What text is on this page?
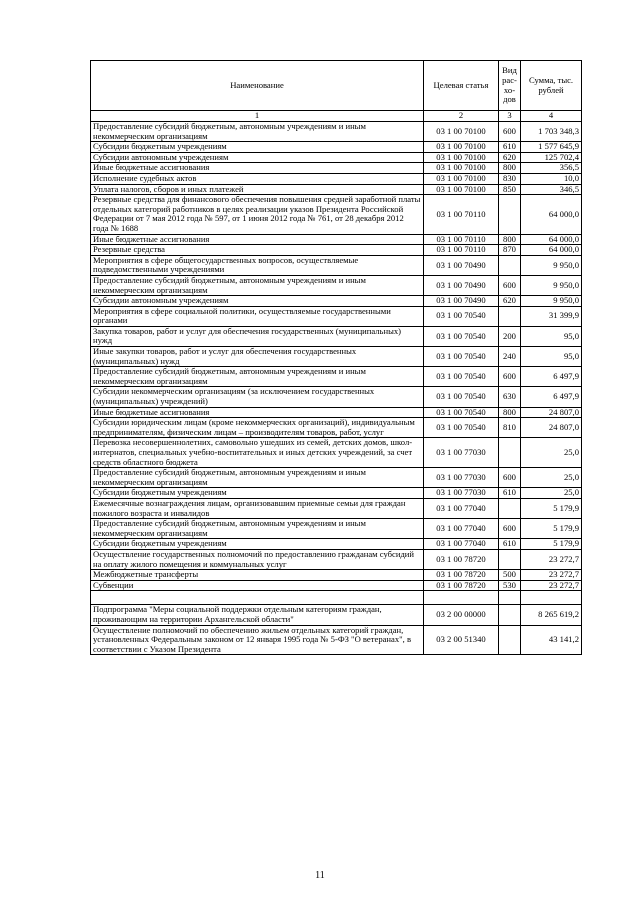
Наименование	Целевая статья	Вид рас-хо-дов	Сумма, тыс. рублей
1	2	3	4
Предоставление субсидий бюджетным, автономным учреждениям и иным некоммерческим организациям	03 1 00 70100	600	1 703 348,3
Субсидии бюджетным учреждениям	03 1 00 70100	610	1 577 645,9
Субсидии автономным учреждениям	03 1 00 70100	620	125 702,4
Иные бюджетные ассигнования	03 1 00 70100	800	356,5
Исполнение судебных актов	03 1 00 70100	830	10,0
Уплата налогов, сборов и иных платежей	03 1 00 70100	850	346,5
Резервные средства для финансового обеспечения повышения средней заработной платы отдельных категорий работников в целях реализации указов Президента Российской Федерации от 7 мая 2012 года № 597, от 1 июня 2012 года № 761, от 28 декабря 2012 года № 1688	03 1 00 70110		64 000,0
Иные бюджетные ассигнования	03 1 00 70110	800	64 000,0
Резервные средства	03 1 00 70110	870	64 000,0
Мероприятия в сфере общегосударственных вопросов, осуществляемые подведомственными учреждениями	03 1 00 70490		9 950,0
Предоставление субсидий бюджетным, автономным учреждениям и иным некоммерческим организациям	03 1 00 70490	600	9 950,0
Субсидии автономным учреждениям	03 1 00 70490	620	9 950,0
Мероприятия в сфере социальной политики, осуществляемые государственными органами	03 1 00 70540		31 399,9
Закупка товаров, работ и услуг для обеспечения государственных (муниципальных) нужд	03 1 00 70540	200	95,0
Иные закупки товаров, работ и услуг для обеспечения государственных (муниципальных) нужд	03 1 00 70540	240	95,0
Предоставление субсидий бюджетным, автономным учреждениям и иным некоммерческим организациям	03 1 00 70540	600	6 497,9
Субсидии некоммерческим организациям (за исключением государственных (муниципальных) учреждений)	03 1 00 70540	630	6 497,9
Иные бюджетные ассигнования	03 1 00 70540	800	24 807,0
Субсидии юридическим лицам (кроме некоммерческих организаций), индивидуальным предпринимателям, физическим лицам – производителям товаров, работ, услуг	03 1 00 70540	810	24 807,0
Перевозка несовершеннолетних, самовольно ушедших из семей, детских домов, школ-интернатов, специальных учебно-воспитательных и иных детских учреждений, за счет средств областного бюджета	03 1 00 77030		25,0
Предоставление субсидий бюджетным, автономным учреждениям и иным некоммерческим организациям	03 1 00 77030	600	25,0
Субсидии бюджетным учреждениям	03 1 00 77030	610	25,0
Ежемесячные вознаграждения лицам, организовавшим приемные семьи для граждан пожилого возраста и инвалидов	03 1 00 77040		5 179,9
Предоставление субсидий бюджетным, автономным учреждениям и иным некоммерческим организациям	03 1 00 77040	600	5 179,9
Субсидии бюджетным учреждениям	03 1 00 77040	610	5 179,9
Осуществление государственных полномочий по предоставлению гражданам субсидий на оплату жилого помещения и коммунальных услуг	03 1 00 78720		23 272,7
Межбюджетные трансферты	03 1 00 78720	500	23 272,7
Субвенции	03 1 00 78720	530	23 272,7

Подпрограмма "Меры социальной поддержки отдельным категориям граждан, проживающим на территории Архангельской области"	03 2 00 00000		8 265 619,2
Осуществление полномочий по обеспечению жильем отдельных категорий граждан, установленных Федеральным законом от 12 января 1995 года № 5-ФЗ "О ветеранах", в соответствии с Указом Президента	03 2 00 51340		43 141,2
11
